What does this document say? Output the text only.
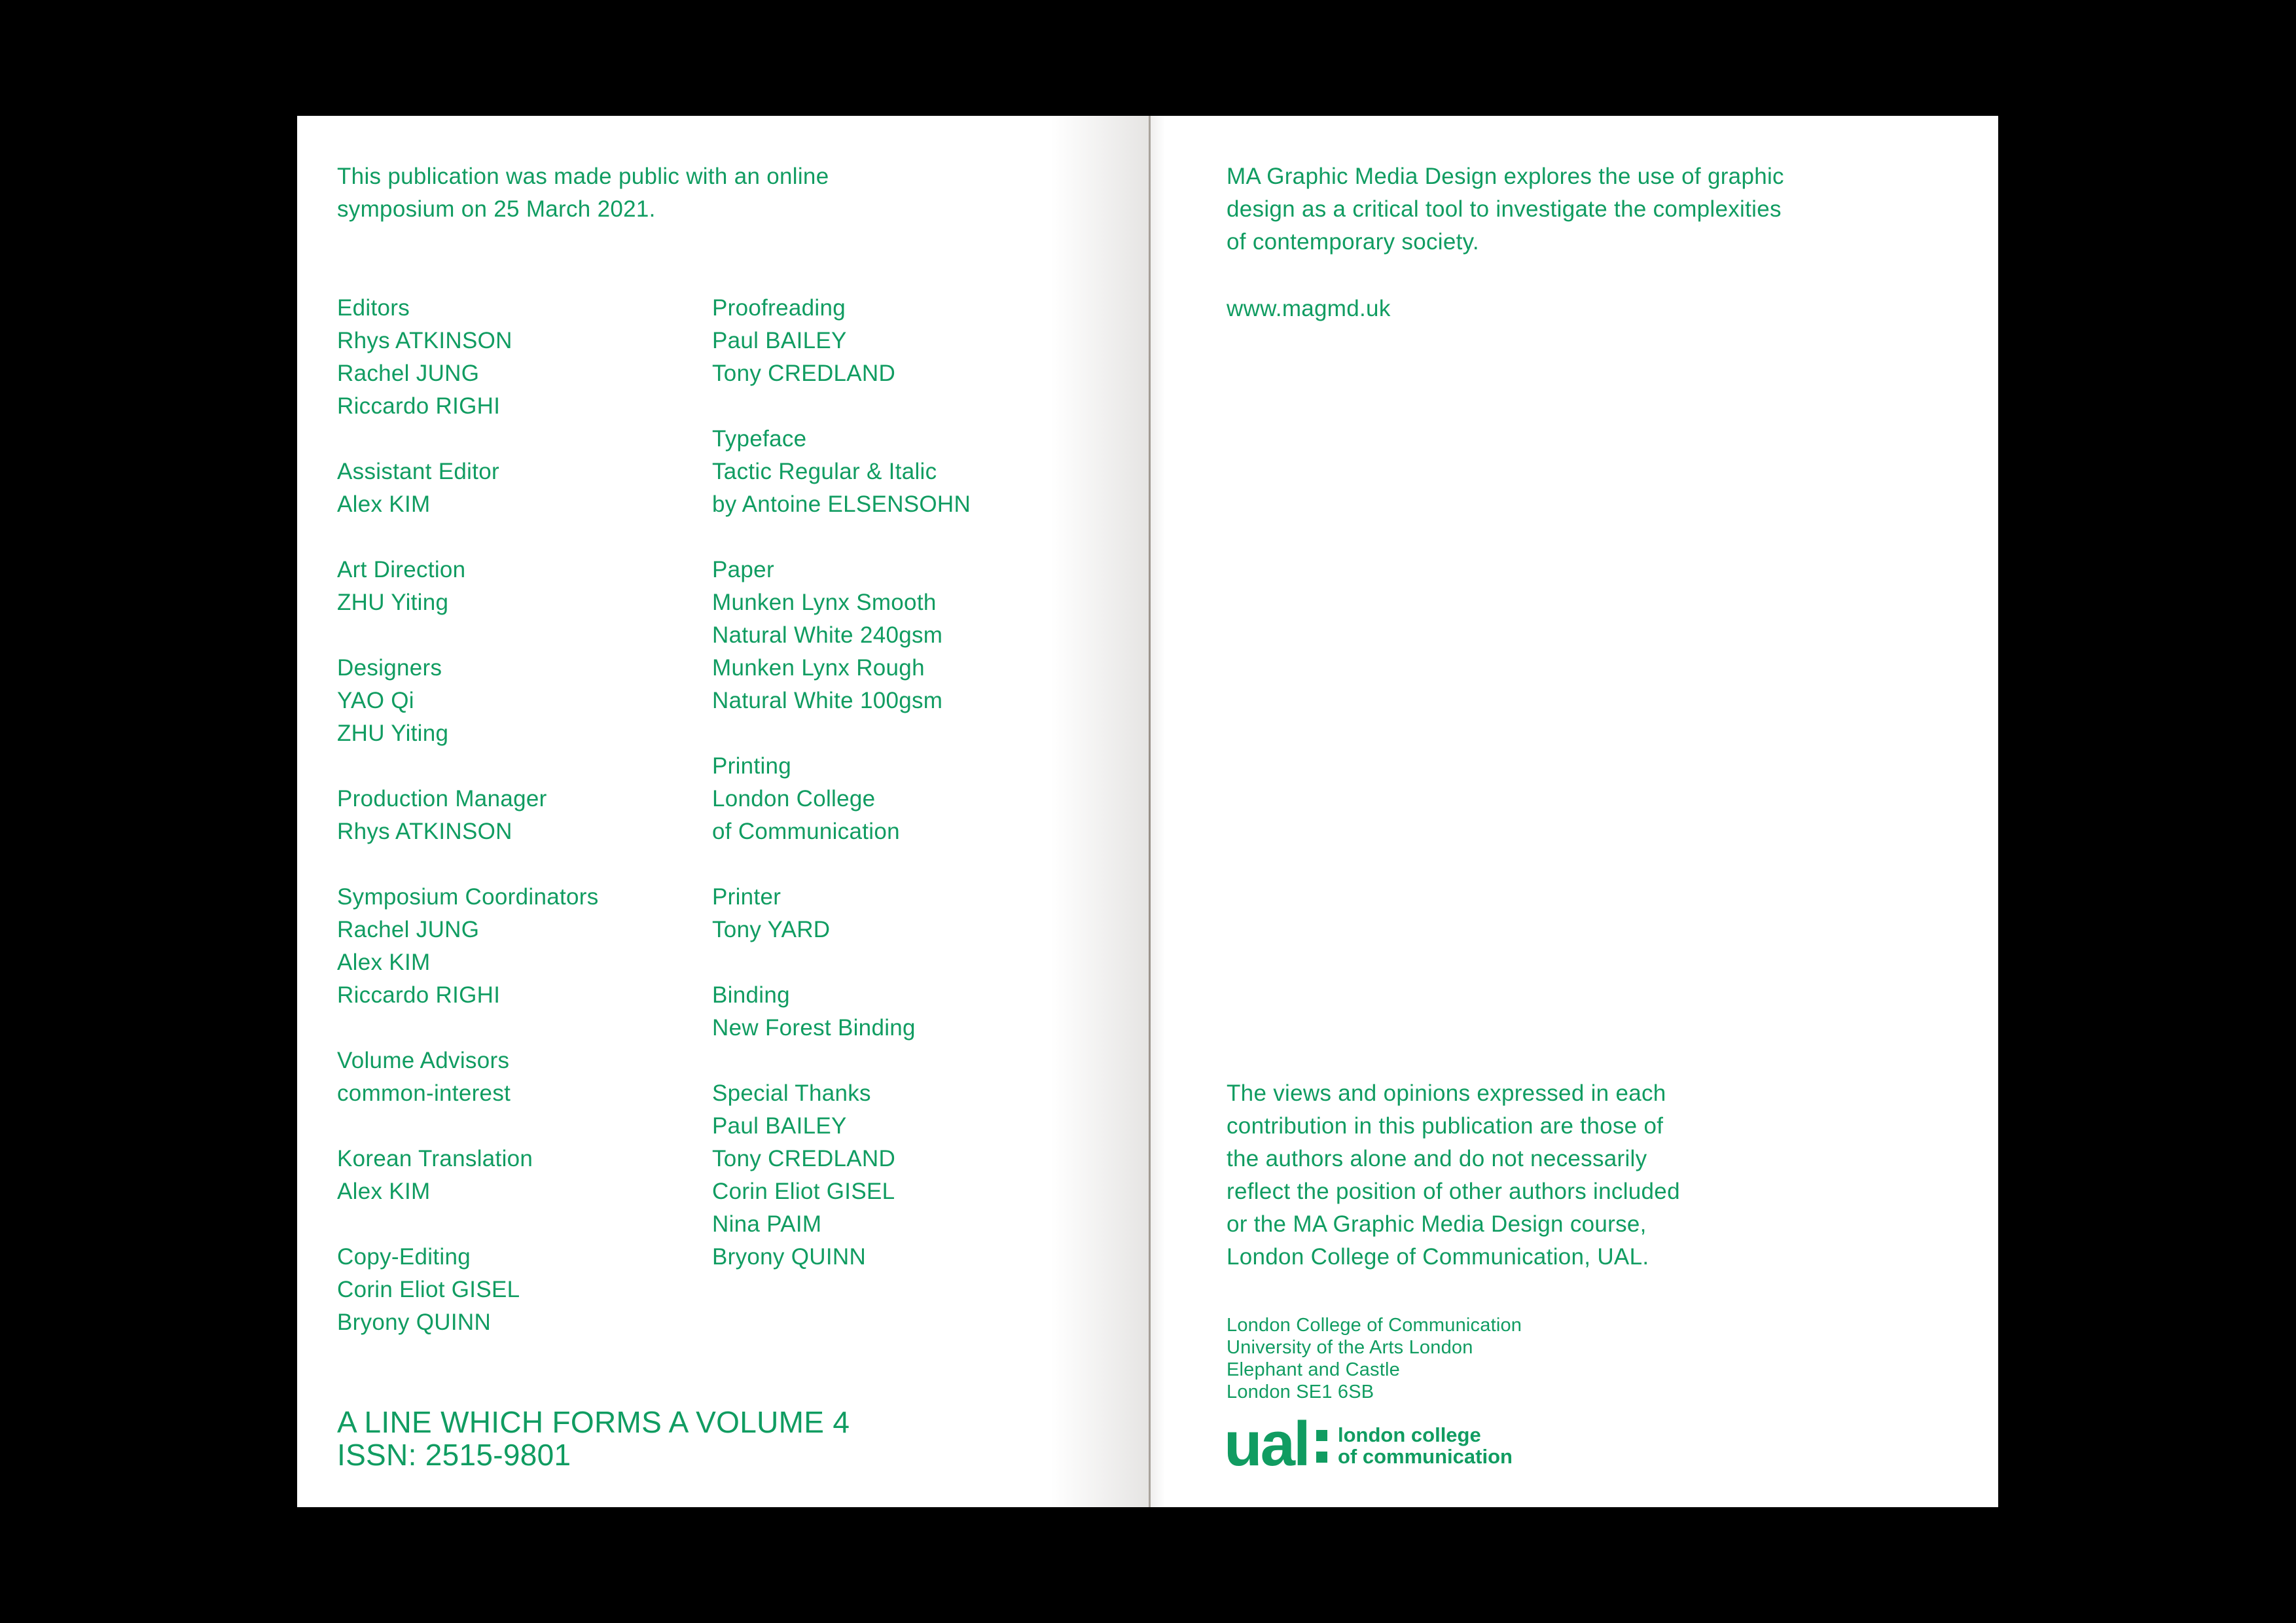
This publication was made public with an online
symposium on 25 March 2021.
Editors
Rhys ATKINSON
Rachel JUNG
Riccardo RIGHI
Assistant Editor
Alex KIM
Art Direction
ZHU Yiting
Designers
YAO Qi
ZHU Yiting
Production Manager
Rhys ATKINSON
Symposium Coordinators
Rachel JUNG
Alex KIM
Riccardo RIGHI
Volume Advisors
common-interest
Korean Translation
Alex KIM
Copy-Editing
Corin Eliot GISEL
Bryony QUINN
Proofreading
Paul BAILEY
Tony CREDLAND
Typeface
Tactic Regular & Italic
by Antoine ELSENSOHN
Paper
Munken Lynx Smooth
Natural White 240gsm
Munken Lynx Rough
Natural White 100gsm
Printing
London College
of Communication
Printer
Tony YARD
Binding
New Forest Binding
Special Thanks
Paul BAILEY
Tony CREDLAND
Corin Eliot GISEL
Nina PAIM
Bryony QUINN
A LINE WHICH FORMS A VOLUME 4
ISSN: 2515-9801
MA Graphic Media Design explores the use of graphic
design as a critical tool to investigate the complexities
of contemporary society.
www.magmd.uk
The views and opinions expressed in each
contribution in this publication are those of
the authors alone and do not necessarily
reflect the position of other authors included
or the MA Graphic Media Design course,
London College of Communication, UAL.
London College of Communication
University of the Arts London
Elephant and Castle
London SE1 6SB
ual london college
of communication
